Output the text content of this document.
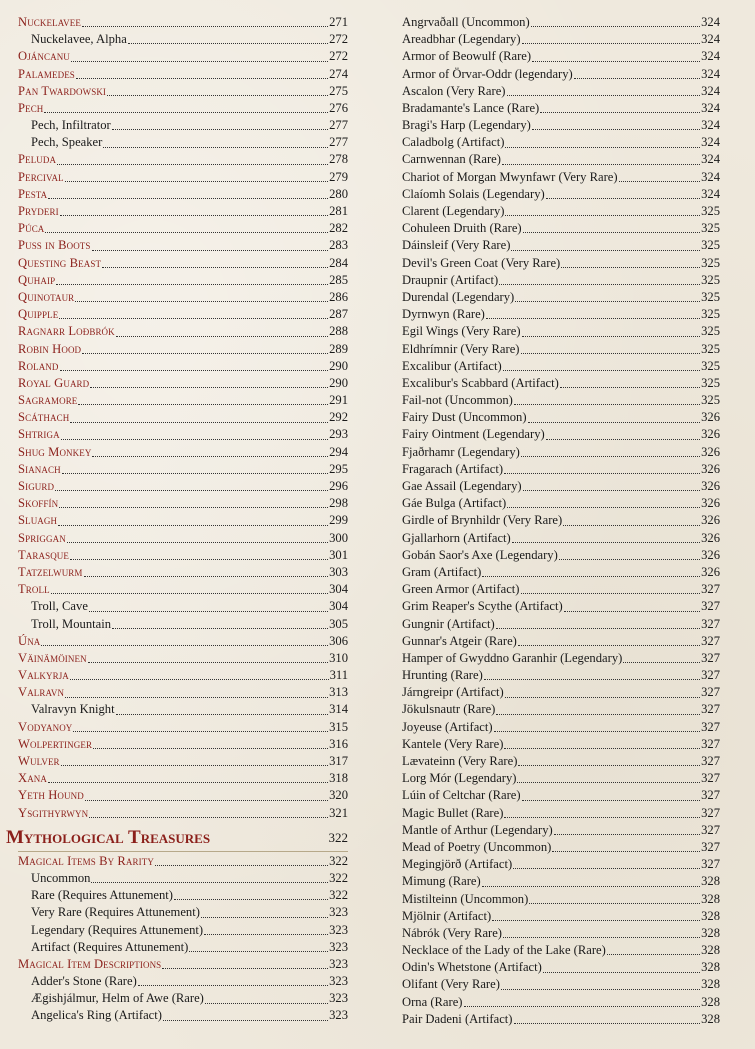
Nuckelavee	271
Nuckelavee, Alpha	272
Ojáncanu	272
Palamedes	274
Pan Twardowski	275
Pech	276
Pech, Infiltrator	277
Pech, Speaker	277
Peluda	278
Percival	279
Pesta	280
Pryderi	281
Púca	282
Puss in Boots	283
Questing Beast	284
Quhaip	285
Quinotaur	286
Quipple	287
Ragnarr Loðbrók	288
Robin Hood	289
Roland	290
Royal Guard	290
Sagramore	291
Scáthach	292
Shtriga	293
Shug Monkey	294
Sianach	295
Sigurd	296
Skoffín	298
Sluagh	299
Spriggan	300
Tarasque	301
Tatzelwurm	303
Troll	304
Troll, Cave	304
Troll, Mountain	305
Úna	306
Väinämöinen	310
Valkyrja	311
Valravn	313
Valravyn Knight	314
Vodyanoy	315
Wolpertinger	316
Wulver	317
Xana	318
Yeth Hound	320
Ysgithyrwyn	321
Mythological Treasures	322
Magical Items By Rarity	322
Uncommon	322
Rare (Requires Attunement)	322
Very Rare (Requires Attunement)	323
Legendary (Requires Attunement)	323
Artifact (Requires Attunement)	323
Magical Item Descriptions	323
Adder's Stone (Rare)	323
Ægishjálmur, Helm of Awe (Rare)	323
Angelica's Ring (Artifact)	323
Angrvaðall (Uncommon)	324
Areadbhar (Legendary)	324
Armor of Beowulf (Rare)	324
Armor of Örvar-Oddr (legendary)	324
Ascalon (Very Rare)	324
Bradamante's Lance (Rare)	324
Bragi's Harp (Legendary)	324
Caladbolg (Artifact)	324
Carnwennan (Rare)	324
Chariot of Morgan Mwynfawr (Very Rare)	324
Claíomh Solais (Legendary)	324
Clarent (Legendary)	325
Cohuleen Druith (Rare)	325
Dáinsleif (Very Rare)	325
Devil's Green Coat (Very Rare)	325
Draupnir (Artifact)	325
Durendal (Legendary)	325
Dyrnwyn (Rare)	325
Egil Wings (Very Rare)	325
Eldhrímnir (Very Rare)	325
Excalibur (Artifact)	325
Excalibur's Scabbard (Artifact)	325
Fail-not (Uncommon)	325
Fairy Dust (Uncommon)	326
Fairy Ointment (Legendary)	326
Fjaðrhamr (Legendary)	326
Fragarach (Artifact)	326
Gae Assail (Legendary)	326
Gáe Bulga (Artifact)	326
Girdle of Brynhildr (Very Rare)	326
Gjallarhorn (Artifact)	326
Gobán Saor's Axe (Legendary)	326
Gram (Artifact)	326
Green Armor (Artifact)	327
Grim Reaper's Scythe (Artifact)	327
Gungnir (Artifact)	327
Gunnar's Atgeir (Rare)	327
Hamper of Gwyddno Garanhir (Legendary)	327
Hrunting (Rare)	327
Járngreipr (Artifact)	327
Jökulsnautr (Rare)	327
Joyeuse (Artifact)	327
Kantele (Very Rare)	327
Lævateinn (Very Rare)	327
Lorg Mór (Legendary)	327
Lúin of Celtchar (Rare)	327
Magic Bullet (Rare)	327
Mantle of Arthur (Legendary)	327
Mead of Poetry (Uncommon)	327
Megingjörð (Artifact)	327
Mimung (Rare)	328
Mistilteinn (Uncommon)	328
Mjölnir (Artifact)	328
Nábrók (Very Rare)	328
Necklace of the Lady of the Lake (Rare)	328
Odin's Whetstone (Artifact)	328
Olifant (Very Rare)	328
Orna (Rare)	328
Pair Dadeni (Artifact)	328
